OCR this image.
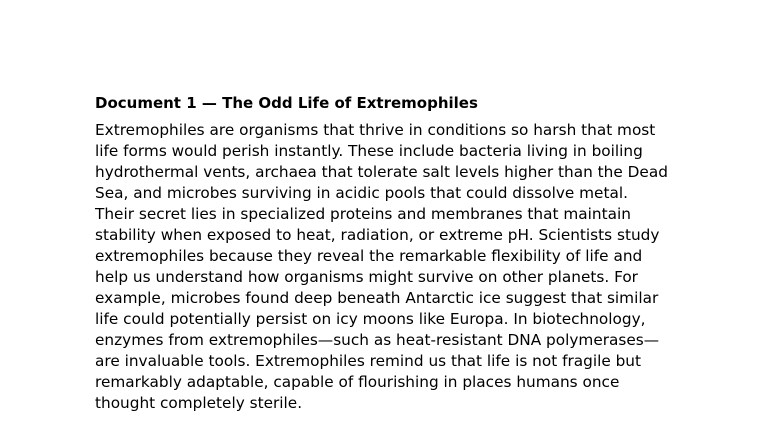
Document 1 — The Odd Life of Extremophiles

Extremophiles are organisms that thrive in conditions so harsh that most
life forms would perish instantly. These include bacteria living in boiling
hydrothermal vents, archaea that tolerate salt levels higher than the Dead
Sea, and microbes surviving in acidic pools that could dissolve metal.
Their secret lies in specialized proteins and membranes that maintain
stability when exposed to heat, radiation, or extreme pH. Scientists study
extremophiles because they reveal the remarkable flexibility of life and
help us understand how organisms might survive on other planets. For
example, microbes found deep beneath Antarctic ice suggest that similar
life could potentially persist on icy moons like Europa. In biotechnology,
enzymes from extremophiles—such as heat-resistant DNA polymerases—
are invaluable tools. Extremophiles remind us that life is not fragile but
remarkably adaptable, capable of flourishing in places humans once
thought completely sterile.
